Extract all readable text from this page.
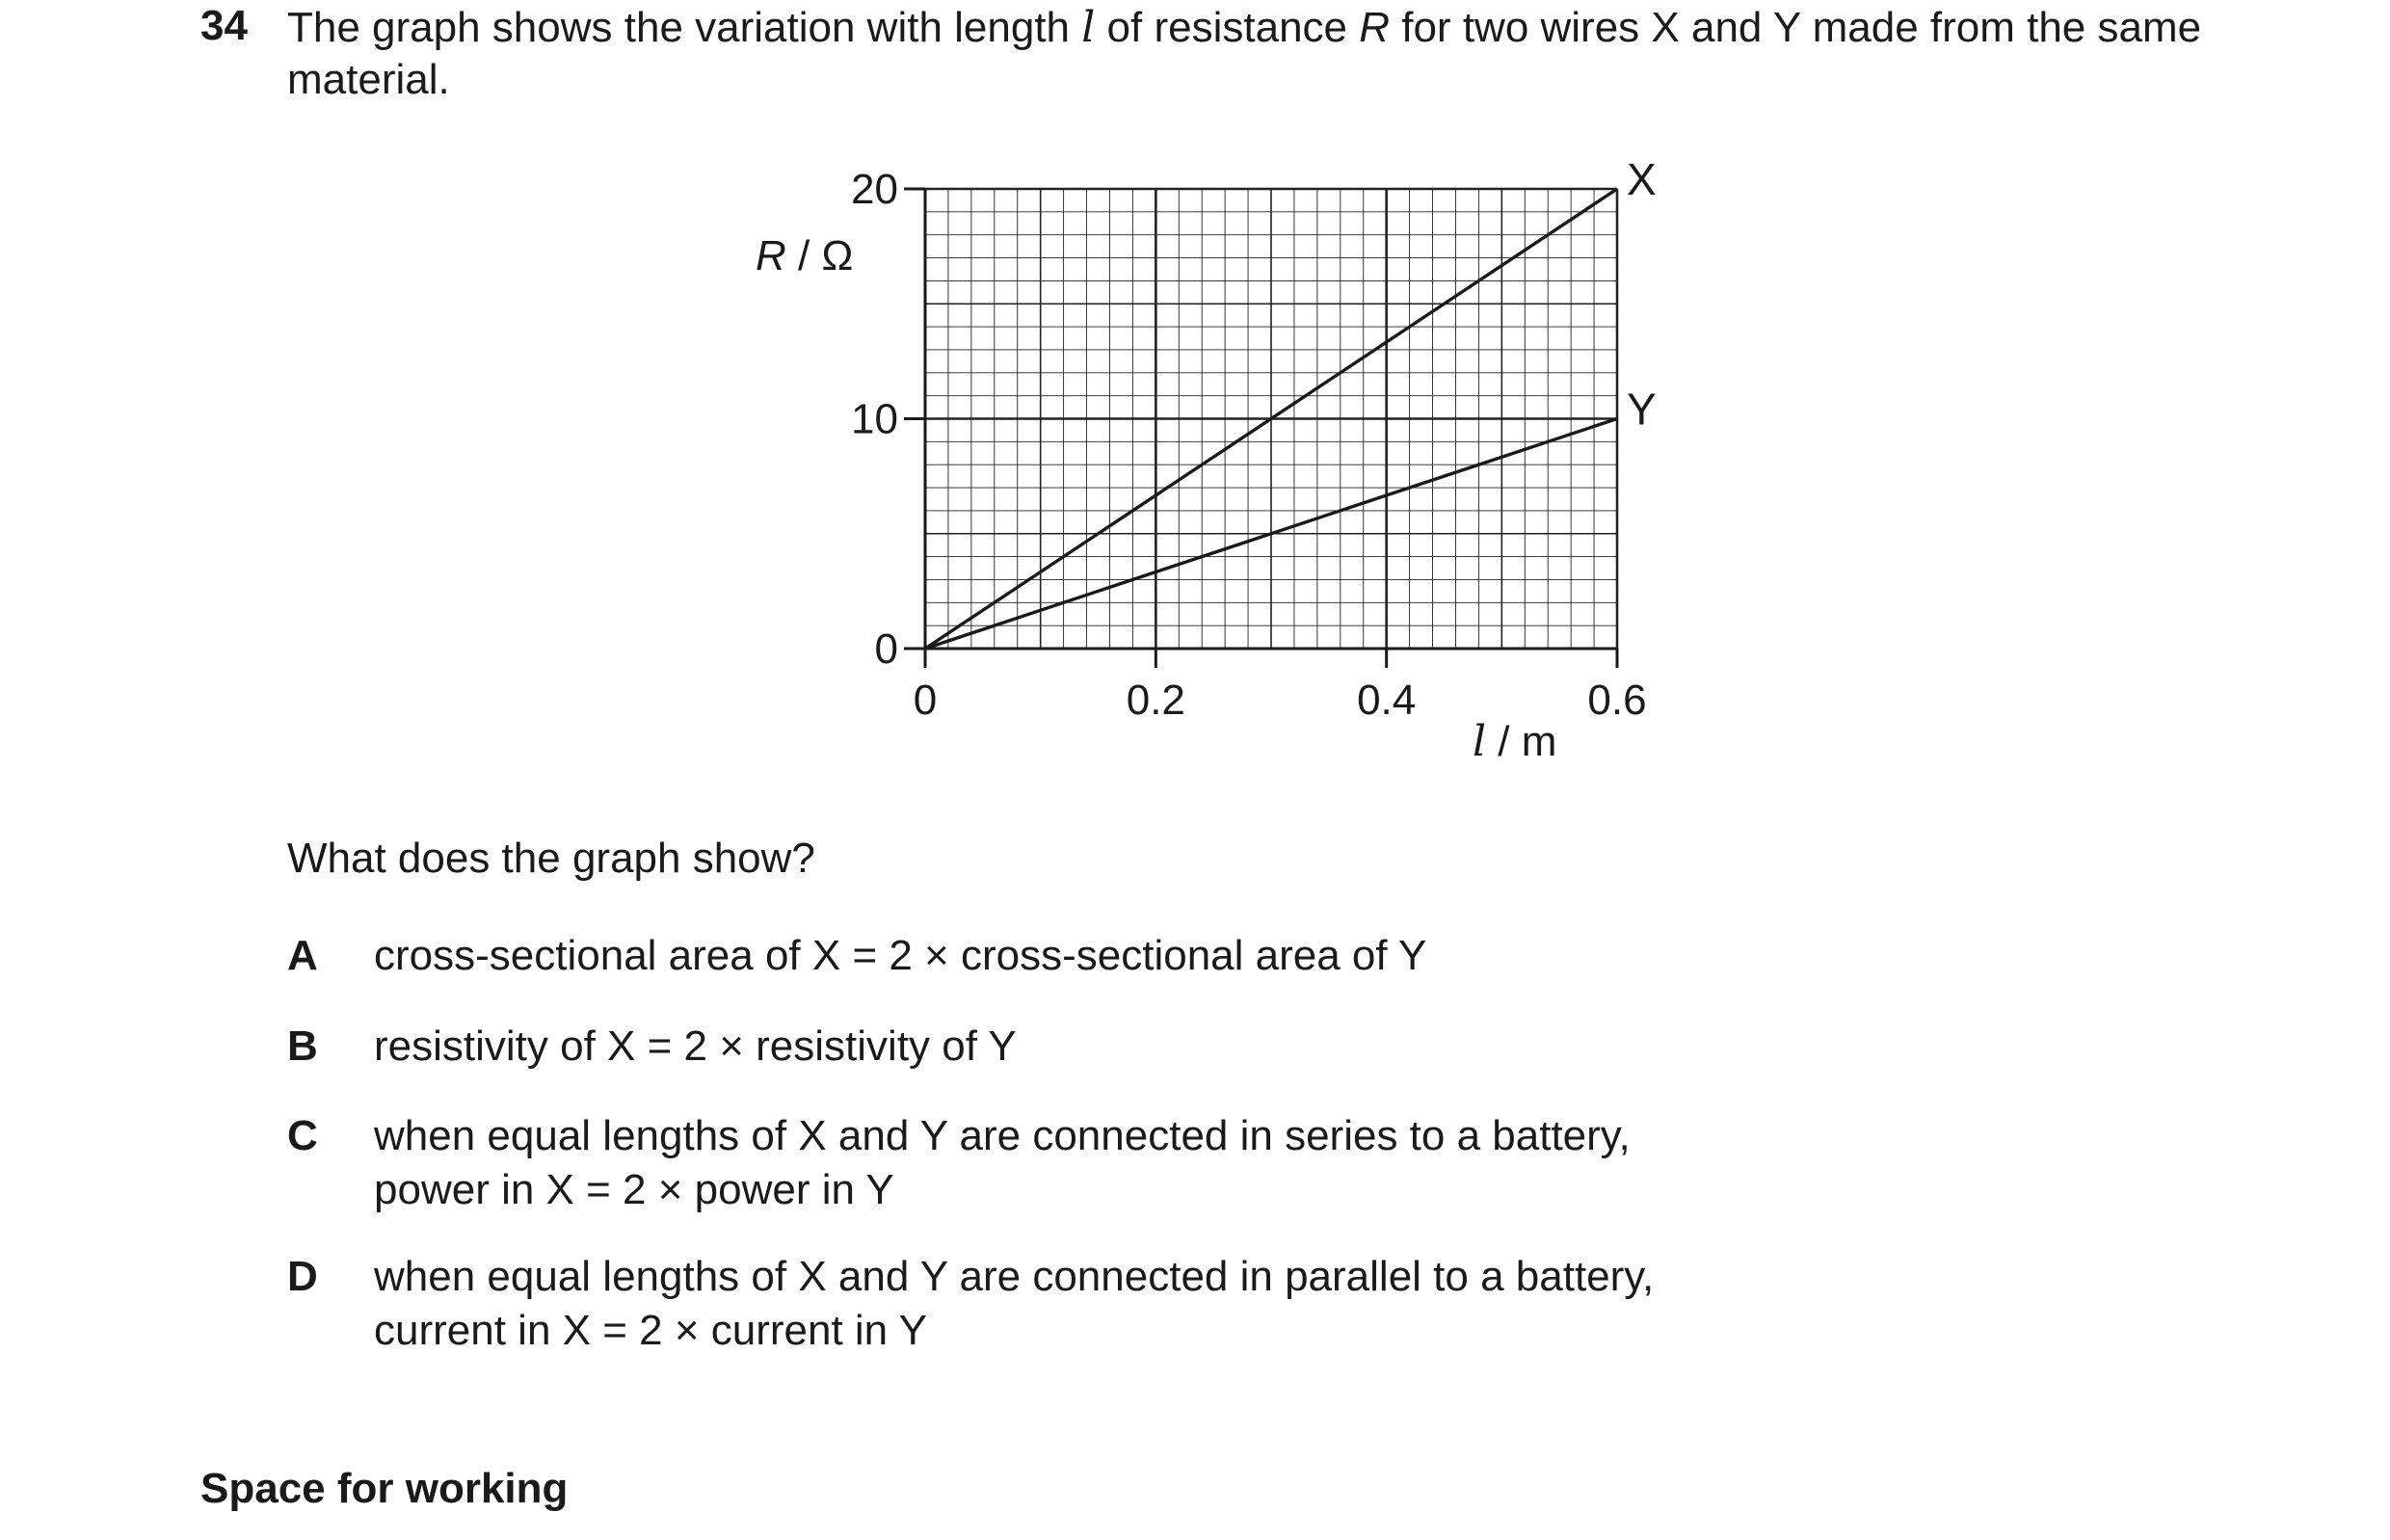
34 The graph shows the variation with length l of resistance R for two wires X and Y made from the same material.
0	0.2	0.4	0.6
0
10
20	X
Y
R / Ω
l / m
What does the graph show?
A cross-sectional area of X = 2 × cross-sectional area of Y
B resistivity of X = 2 × resistivity of Y
C when equal lengths of X and Y are connected in series to a battery,
power in X = 2 × power in Y
D when equal lengths of X and Y are connected in parallel to a battery,
current in X = 2 × current in Y
Space for working
